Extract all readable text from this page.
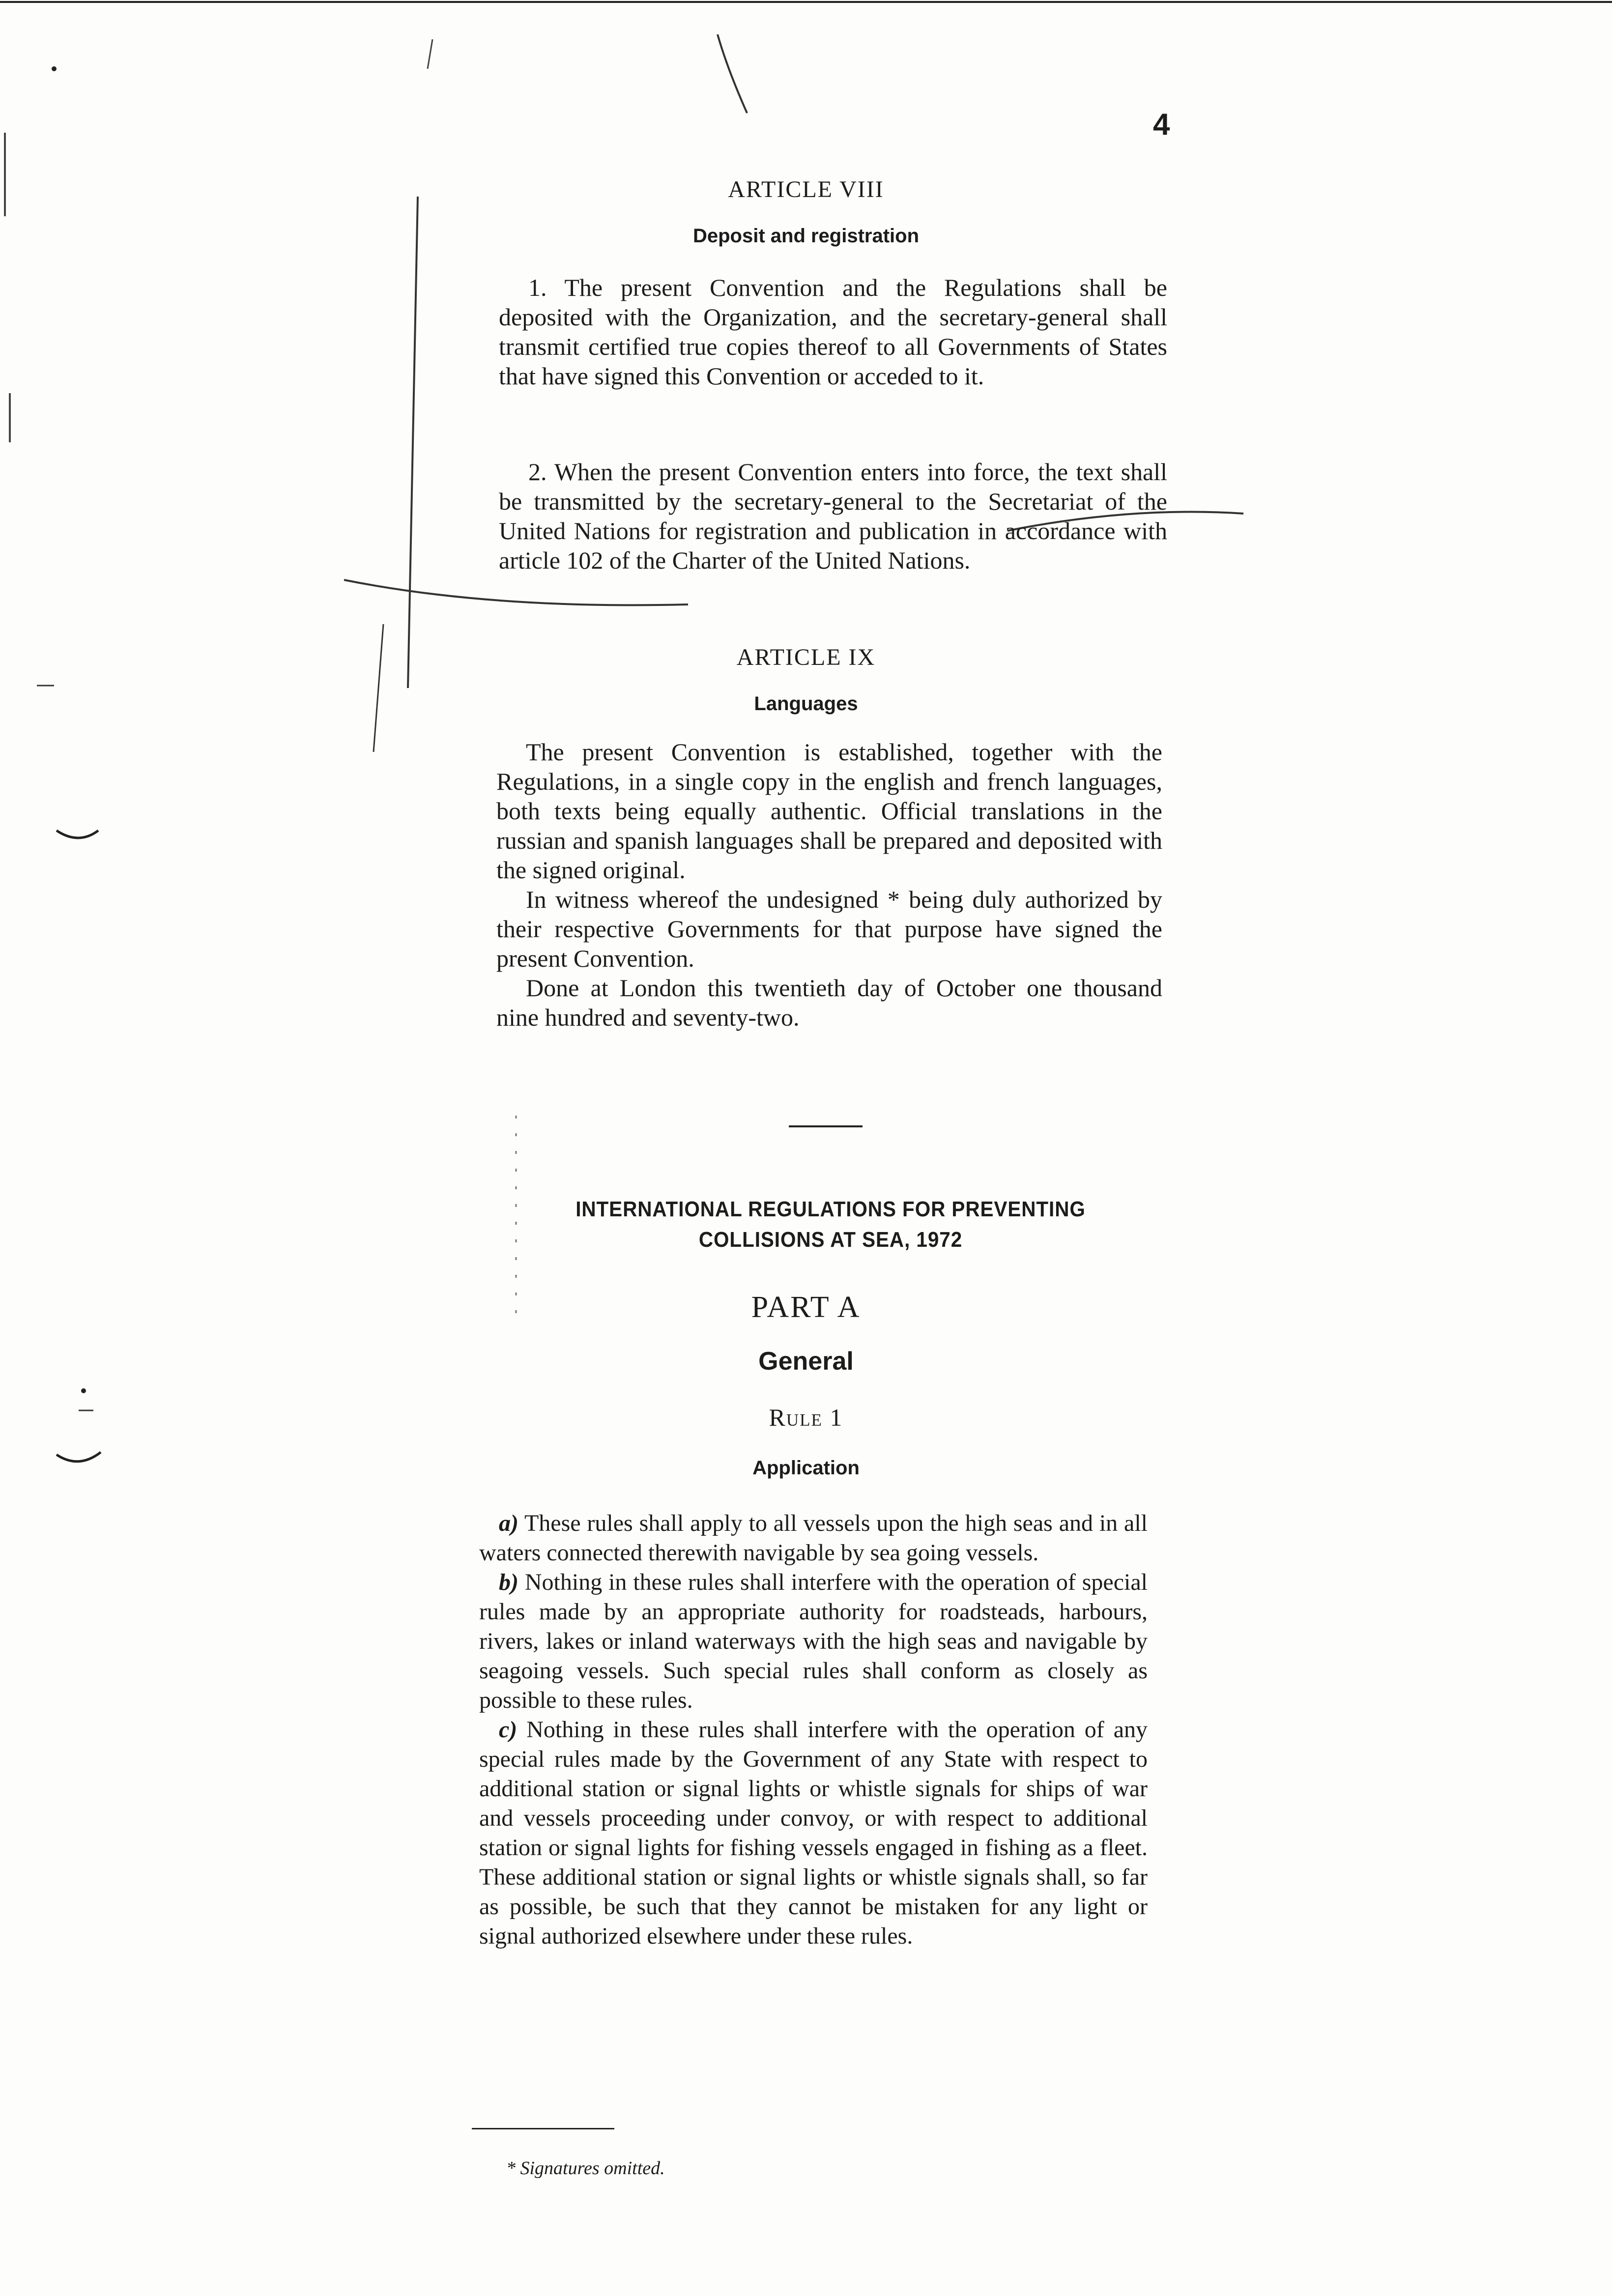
4
ARTICLE VIII
Deposit and registration

1. The present Convention and the Regulations shall be deposited with the Organization, and the secretary-general shall transmit certified true copies thereof to all Governments of States that have signed this Convention or acceded to it.

2. When the present Convention enters into force, the text shall be transmitted by the secretary-general to the Secretariat of the United Nations for registration and publication in accordance with article 102 of the Charter of the United Nations.

ARTICLE IX
Languages

The present Convention is established, together with the Regulations, in a single copy in the english and french languages, both texts being equally authentic. Official translations in the russian and spanish languages shall be prepared and deposited with the signed original.

In witness whereof the undesigned * being duly authorized by their respective Governments for that purpose have signed the present Convention.

Done at London this twentieth day of October one thousand nine hundred and seventy-two.

INTERNATIONAL REGULATIONS FOR PREVENTING
COLLISIONS AT SEA, 1972
PART A
General
Rule 1
Application

a) These rules shall apply to all vessels upon the high seas and in all waters connected therewith navigable by sea going vessels.

b) Nothing in these rules shall interfere with the operation of special rules made by an appropriate authority for roadsteads, harbours, rivers, lakes or inland waterways with the high seas and navigable by seagoing vessels. Such special rules shall conform as closely as possible to these rules.

c) Nothing in these rules shall interfere with the operation of any special rules made by the Government of any State with respect to additional station or signal lights or whistle signals for ships of war and vessels proceeding under convoy, or with respect to additional station or signal lights for fishing vessels engaged in fishing as a fleet. These additional station or signal lights or whistle signals shall, so far as possible, be such that they cannot be mistaken for any light or signal authorized elsewhere under these rules.

* Signatures omitted.
